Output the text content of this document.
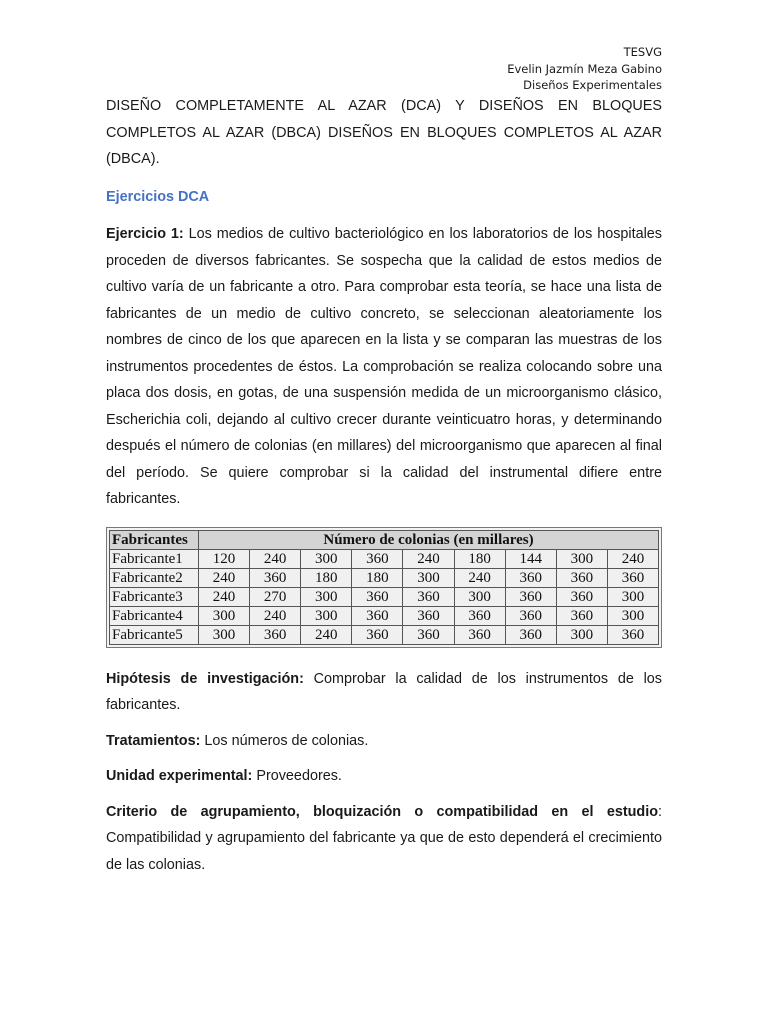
TESVG
Evelin Jazmín Meza Gabino
Diseños Experimentales

DISEÑO COMPLETAMENTE AL AZAR (DCA) Y DISEÑOS EN BLOQUES COMPLETOS AL AZAR (DBCA) DISEÑOS EN BLOQUES COMPLETOS AL AZAR (DBCA).

Ejercicios DCA

Ejercicio 1: Los medios de cultivo bacteriológico en los laboratorios de los hospitales proceden de diversos fabricantes. Se sospecha que la calidad de estos medios de cultivo varía de un fabricante a otro. Para comprobar esta teoría, se hace una lista de fabricantes de un medio de cultivo concreto, se seleccionan aleatoriamente los nombres de cinco de los que aparecen en la lista y se comparan las muestras de los instrumentos procedentes de éstos. La comprobación se realiza colocando sobre una placa dos dosis, en gotas, de una suspensión medida de un microorganismo clásico, Escherichia coli, dejando al cultivo crecer durante veinticuatro horas, y determinando después el número de colonias (en millares) del microorganismo que aparecen al final del período. Se quiere comprobar si la calidad del instrumental difiere entre fabricantes.

Fabricantes	Número de colonias (en millares)								
Fabricante1	120	240	300	360	240	180	144	300	240
Fabricante2	240	360	180	180	300	240	360	360	360
Fabricante3	240	270	300	360	360	300	360	360	300
Fabricante4	300	240	300	360	360	360	360	360	300
Fabricante5	300	360	240	360	360	360	360	300	360

Hipótesis de investigación: Comprobar la calidad de los instrumentos de los fabricantes.

Tratamientos: Los números de colonias.

Unidad experimental: Proveedores.

Criterio de agrupamiento, bloquización o compatibilidad en el estudio: Compatibilidad y agrupamiento del fabricante ya que de esto dependerá el crecimiento de las colonias.
